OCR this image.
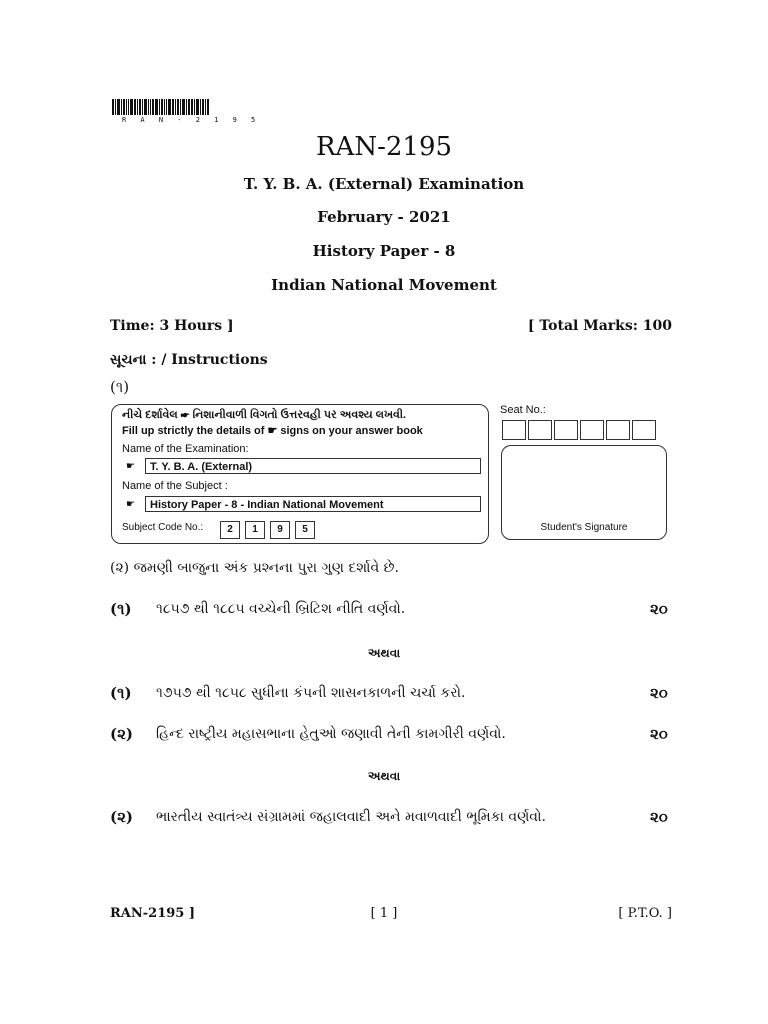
R A N - 2 1 9 5
RAN-2195
T. Y. B. A. (External) Examination
February - 2021
History Paper - 8
Indian National Movement
Time: 3 Hours ]	[ Total Marks: 100
સૂચના : / Instructions
(૧)
નીચે દર્શાવેલ ☛ નિશાનીવાળી વિગતો ઉત્તરવહી પર અવશ્ય લખવી.
Fill up strictly the details of ☛ signs on your answer book
Name of the Examination:
☛	T. Y. B. A. (External)
Name of the Subject :
☛	History Paper - 8 - Indian National Movement
Subject Code No.:	2	1	9	5
Seat No.:
Student's Signature
(૨) જમણી બાજુના અંક પ્રશ્નના પુરા ગુણ દર્શાવે છે.
(૧) ૧૮૫૭ થી ૧૮૮૫ વચ્ચેની બ્રિટિશ નીતિ વર્ણવો.	૨૦
અથવા
(૧) ૧૭૫૭ થી ૧૮૫૮ સુધીના કંપની શાસનકાળની ચર્ચા કરો.	૨૦
(૨) હિન્દ રાષ્ટ્રીય મહાસભાના હેતુઓ જણાવી તેની કામગીરી વર્ણવો.	૨૦
અથવા
(૨) ભારતીય સ્વાતંત્ર્ય સંગ્રામમાં જહાલવાદી અને મવાળવાદી ભૂમિકા વર્ણવો.	૨૦
RAN-2195 ]	[ 1 ]	[ P.T.O. ]
